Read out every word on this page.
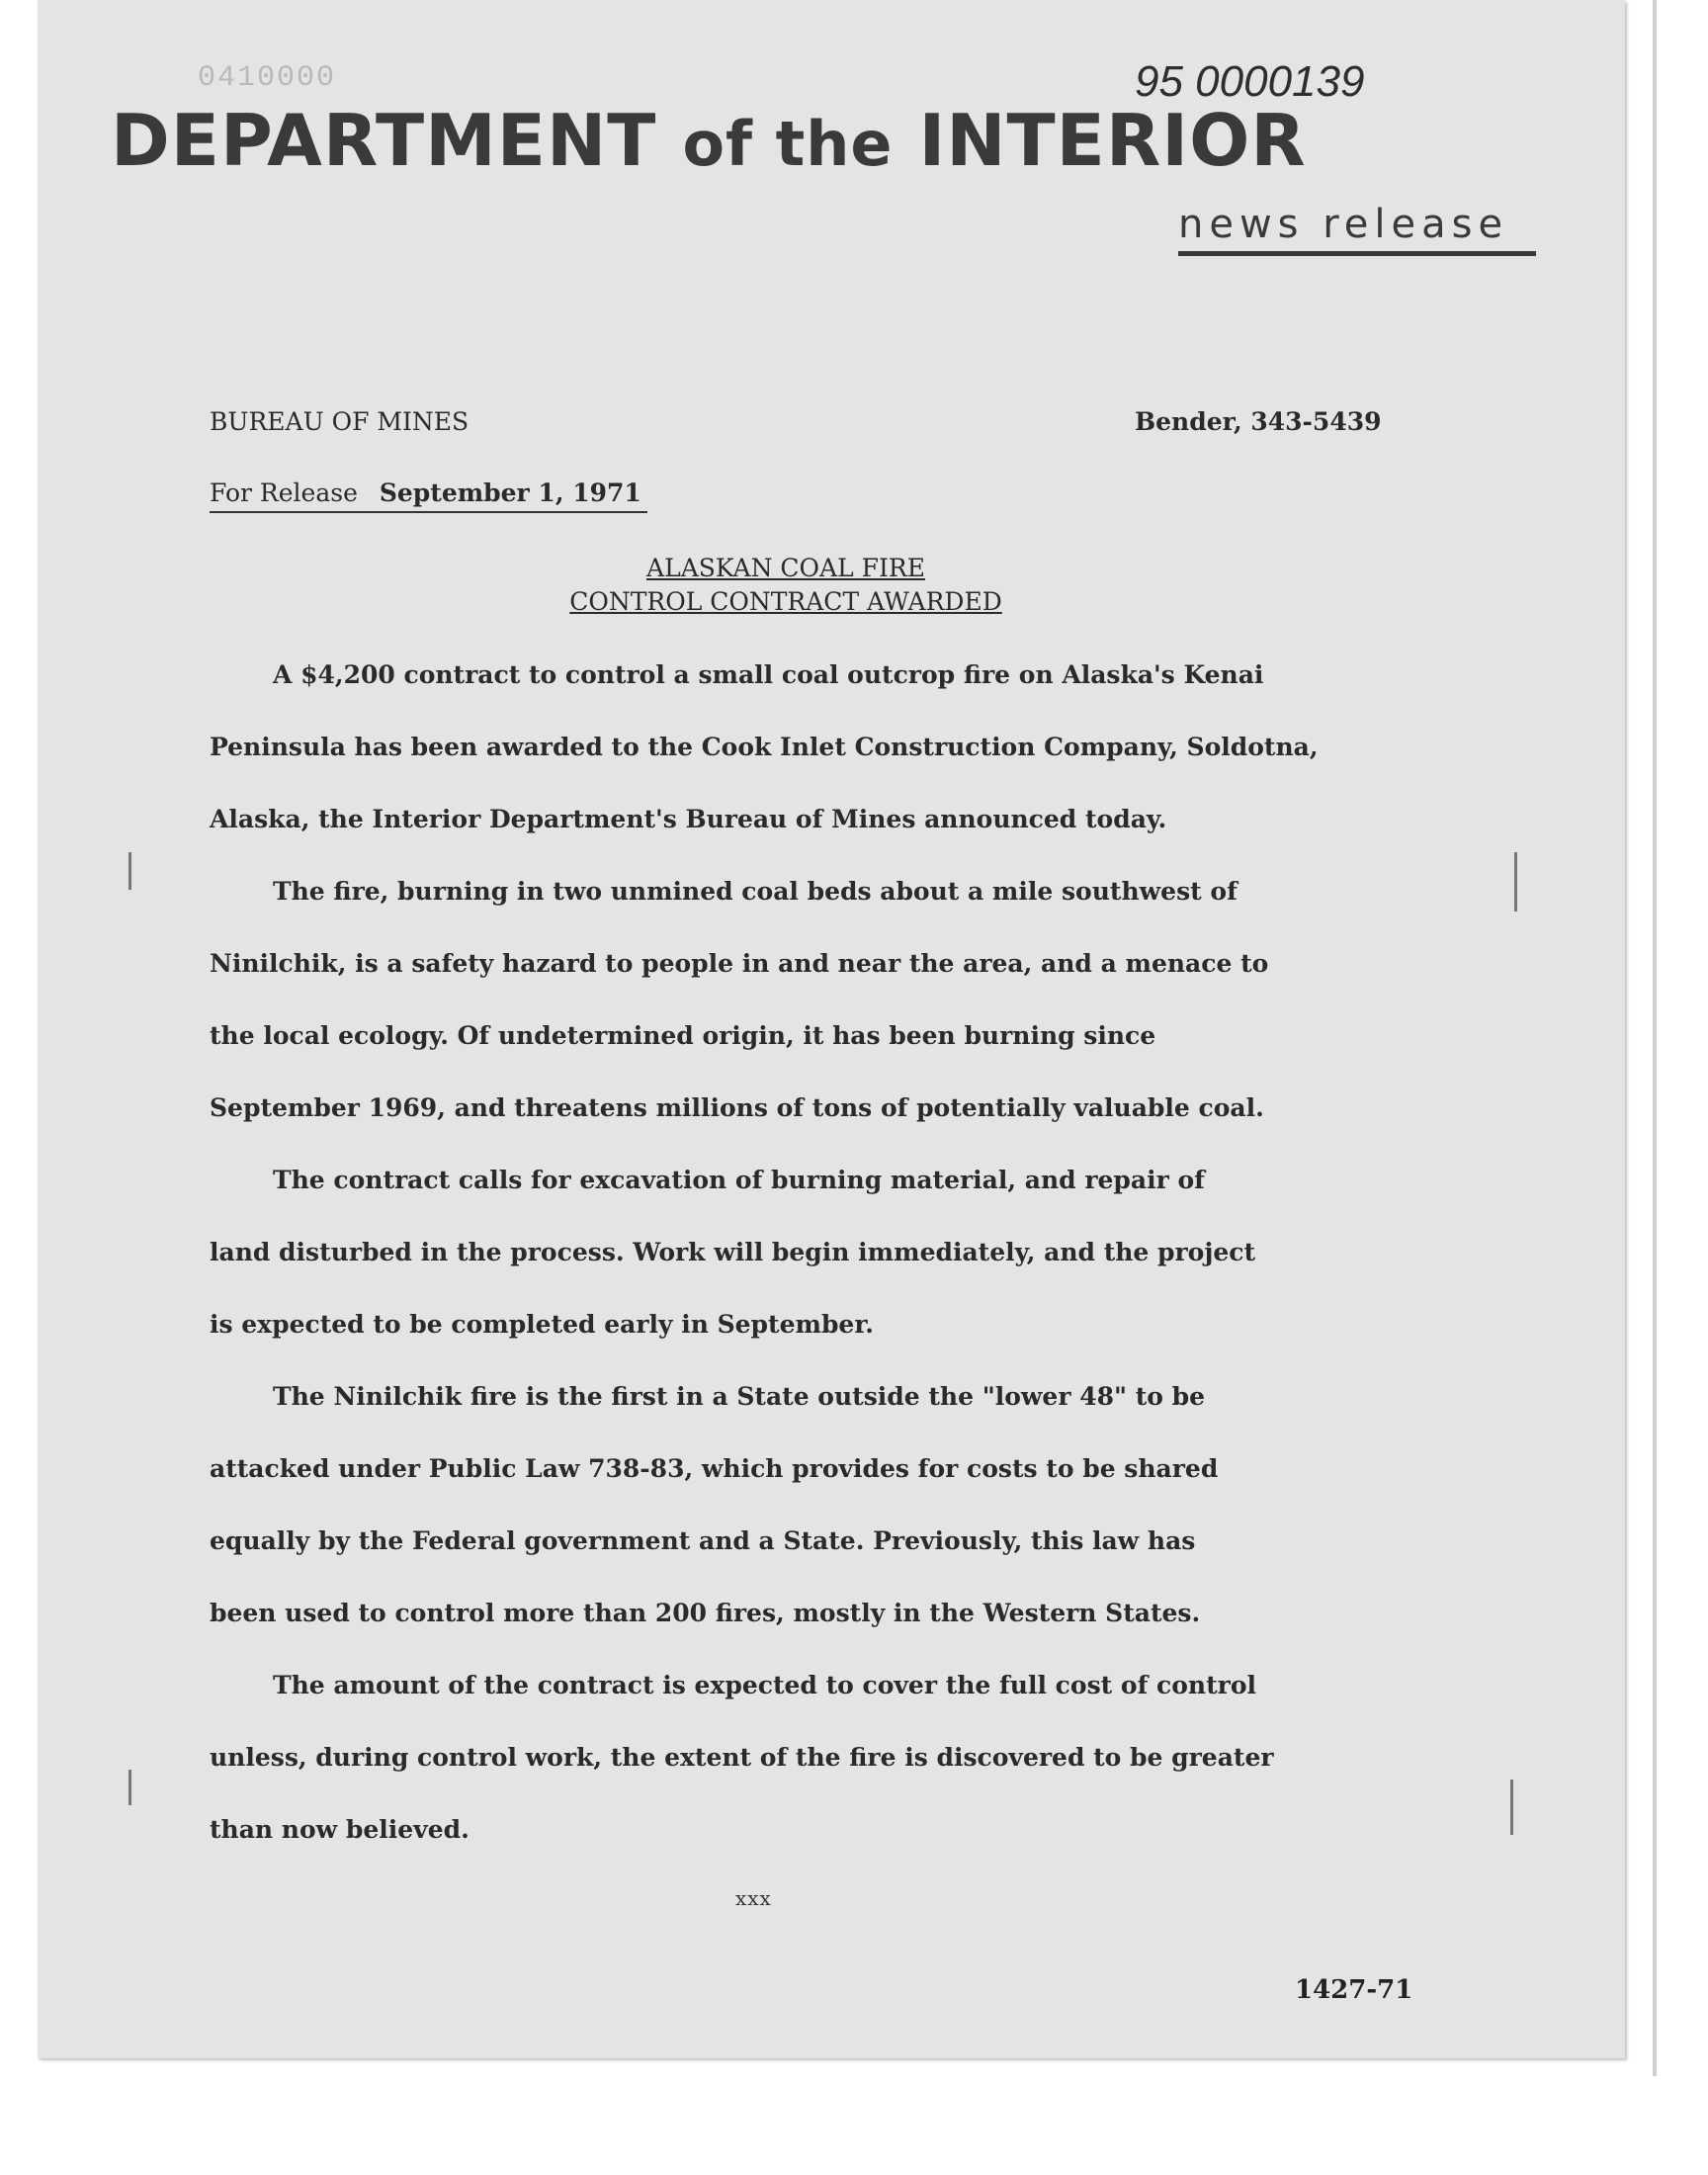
0410000	95 0000139
DEPARTMENT of the INTERIOR
news release
BUREAU OF MINES	Bender, 343-5439
For Release September 1, 1971
ALASKAN COAL FIRE
CONTROL CONTRACT AWARDED

A $4,200 contract to control a small coal outcrop fire on Alaska's Kenai
Peninsula has been awarded to the Cook Inlet Construction Company, Soldotna,
Alaska, the Interior Department's Bureau of Mines announced today.

The fire, burning in two unmined coal beds about a mile southwest of
Ninilchik, is a safety hazard to people in and near the area, and a menace to
the local ecology. Of undetermined origin, it has been burning since
September 1969, and threatens millions of tons of potentially valuable coal.

The contract calls for excavation of burning material, and repair of
land disturbed in the process. Work will begin immediately, and the project
is expected to be completed early in September.

The Ninilchik fire is the first in a State outside the "lower 48" to be
attacked under Public Law 738-83, which provides for costs to be shared
equally by the Federal government and a State. Previously, this law has
been used to control more than 200 fires, mostly in the Western States.

The amount of the contract is expected to cover the full cost of control
unless, during control work, the extent of the fire is discovered to be greater
than now believed.

xxx
1427-71
